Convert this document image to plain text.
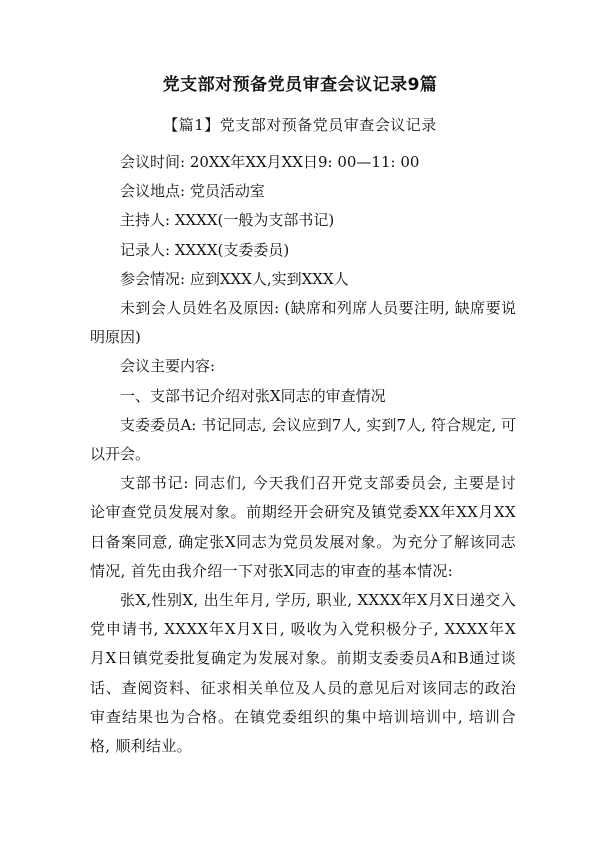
党支部对预备党员审查会议记录9篇
【篇1】党支部对预备党员审查会议记录

会议时间: 20XX年XX月XX日9: 00—11: 00

会议地点: 党员活动室

主持人: XXXX(一般为支部书记)

记录人: XXXX(支委委员)

参会情况: 应到XXX人,实到XXX人

未到会人员姓名及原因: (缺席和列席人员要注明, 缺席要说明原因)

会议主要内容:

一、支部书记介绍对张X同志的审查情况

支委委员A: 书记同志, 会议应到7人, 实到7人, 符合规定, 可以开会。

支部书记: 同志们, 今天我们召开党支部委员会, 主要是讨论审查党员发展对象。前期经开会研究及镇党委XX年XX月XX日备案同意, 确定张X同志为党员发展对象。为充分了解该同志情况, 首先由我介绍一下对张X同志的审查的基本情况:

张X,性别X, 出生年月, 学历, 职业, XXXX年X月X日递交入党申请书, XXXX年X月X日, 吸收为入党积极分子, XXXX年X月X日镇党委批复确定为发展对象。前期支委委员A和B通过谈话、查阅资料、征求相关单位及人员的意见后对该同志的政治审查结果也为合格。在镇党委组织的集中培训培训中, 培训合格, 顺利结业。
